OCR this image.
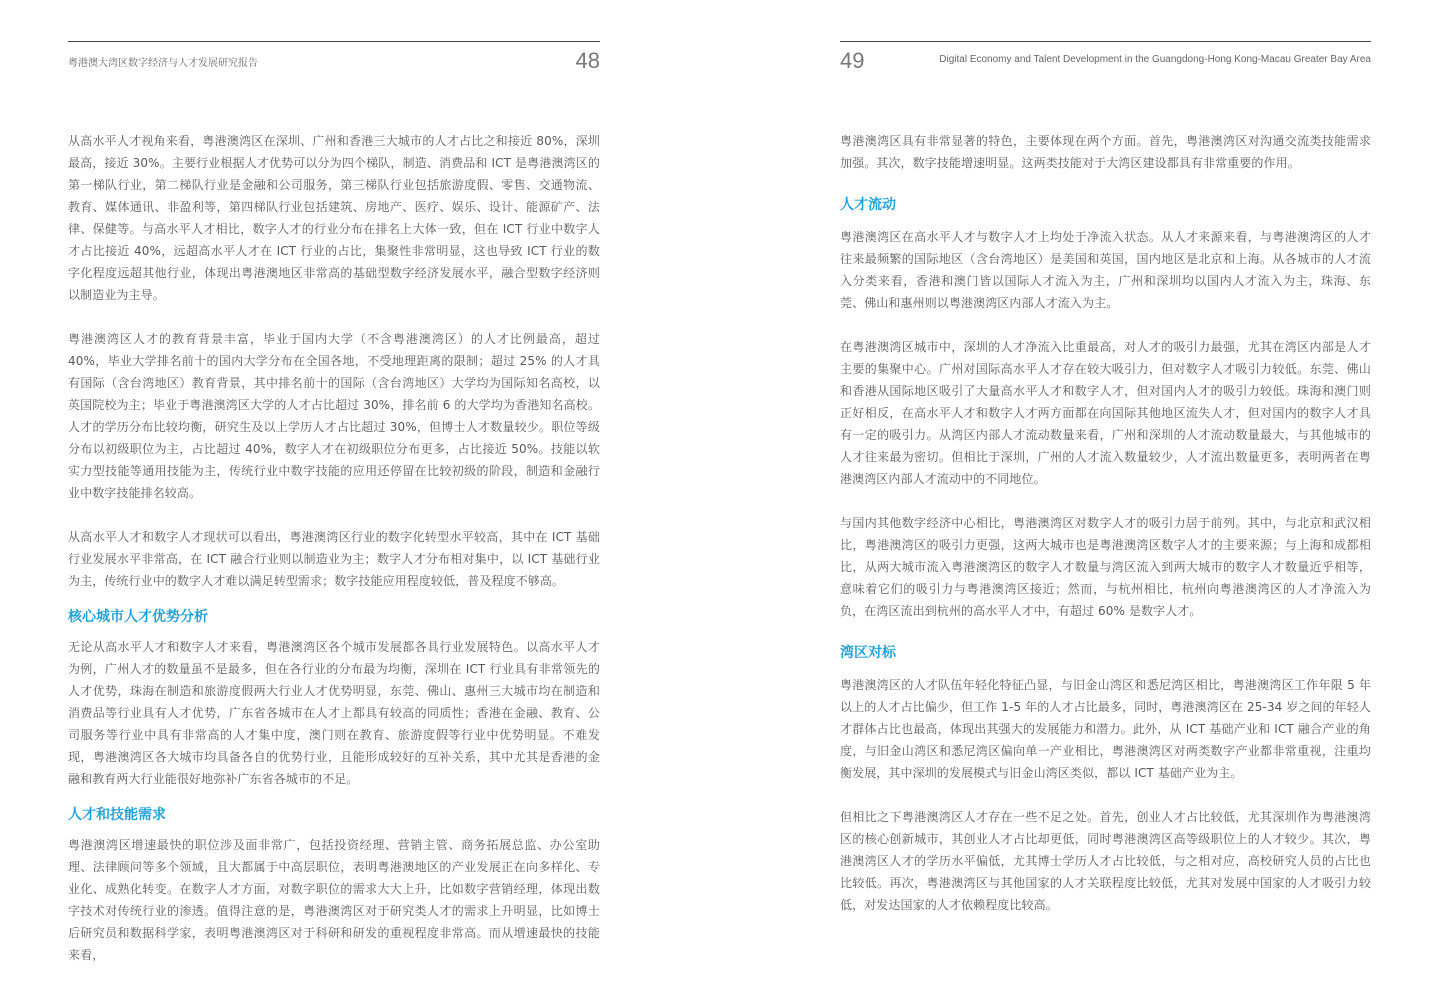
粤港澳大湾区数字经济与人才发展研究报告	48

从高水平人才视角来看，粤港澳湾区在深圳、广州和香港三大城市的人才占比之和接近 80%，深圳最高，接近 30%。主要行业根据人才优势可以分为四个梯队，制造、消费品和 ICT 是粤港澳湾区的第一梯队行业，第二梯队行业是金融和公司服务，第三梯队行业包括旅游度假、零售、交通物流、教育、媒体通讯、非盈利等，第四梯队行业包括建筑、房地产、医疗、娱乐、设计、能源矿产、法律、保健等。与高水平人才相比，数字人才的行业分布在排名上大体一致，但在 ICT 行业中数字人才占比接近 40%，远超高水平人才在 ICT 行业的占比，集聚性非常明显，这也导致 ICT 行业的数字化程度远超其他行业，体现出粤港澳地区非常高的基础型数字经济发展水平，融合型数字经济则以制造业为主导。

粤港澳湾区人才的教育背景丰富，毕业于国内大学（不含粤港澳湾区）的人才比例最高，超过 40%，毕业大学排名前十的国内大学分布在全国各地，不受地理距离的限制；超过 25% 的人才具有国际（含台湾地区）教育背景，其中排名前十的国际（含台湾地区）大学均为国际知名高校，以英国院校为主；毕业于粤港澳湾区大学的人才占比超过 30%，排名前 6 的大学均为香港知名高校。人才的学历分布比较均衡，研究生及以上学历人才占比超过 30%，但博士人才数量较少。职位等级分布以初级职位为主，占比超过 40%，数字人才在初级职位分布更多，占比接近 50%。技能以软实力型技能等通用技能为主，传统行业中数字技能的应用还停留在比较初级的阶段，制造和金融行业中数字技能排名较高。

从高水平人才和数字人才现状可以看出，粤港澳湾区行业的数字化转型水平较高，其中在 ICT 基础行业发展水平非常高，在 ICT 融合行业则以制造业为主；数字人才分布相对集中，以 ICT 基础行业为主，传统行业中的数字人才难以满足转型需求；数字技能应用程度较低，普及程度不够高。

核心城市人才优势分析

无论从高水平人才和数字人才来看，粤港澳湾区各个城市发展都各具行业发展特色。以高水平人才为例，广州人才的数量虽不是最多，但在各行业的分布最为均衡，深圳在 ICT 行业具有非常领先的人才优势，珠海在制造和旅游度假两大行业人才优势明显，东莞、佛山、惠州三大城市均在制造和消费品等行业具有人才优势，广东省各城市在人才上都具有较高的同质性；香港在金融、教育、公司服务等行业中具有非常高的人才集中度，澳门则在教育、旅游度假等行业中优势明显。不难发现，粤港澳湾区各大城市均具备各自的优势行业，且能形成较好的互补关系，其中尤其是香港的金融和教育两大行业能很好地弥补广东省各城市的不足。

人才和技能需求

粤港澳湾区增速最快的职位涉及面非常广，包括投资经理、营销主管、商务拓展总监、办公室助理、法律顾问等多个领域，且大都属于中高层职位，表明粤港澳地区的产业发展正在向多样化、专业化、成熟化转变。在数字人才方面，对数字职位的需求大大上升，比如数字营销经理，体现出数字技术对传统行业的渗透。值得注意的是，粤港澳湾区对于研究类人才的需求上升明显，比如博士后研究员和数据科学家，表明粤港澳湾区对于科研和研发的重视程度非常高。而从增速最快的技能来看，

49	Digital Economy and Talent Development in the Guangdong-Hong Kong-Macau Greater Bay Area

粤港澳湾区具有非常显著的特色，主要体现在两个方面。首先，粤港澳湾区对沟通交流类技能需求加强。其次，数字技能增速明显。这两类技能对于大湾区建设都具有非常重要的作用。

人才流动

粤港澳湾区在高水平人才与数字人才上均处于净流入状态。从人才来源来看，与粤港澳湾区的人才往来最频繁的国际地区（含台湾地区）是美国和英国，国内地区是北京和上海。从各城市的人才流入分类来看，香港和澳门皆以国际人才流入为主，广州和深圳均以国内人才流入为主，珠海、东莞、佛山和惠州则以粤港澳湾区内部人才流入为主。

在粤港澳湾区城市中，深圳的人才净流入比重最高，对人才的吸引力最强，尤其在湾区内部是人才主要的集聚中心。广州对国际高水平人才存在较大吸引力，但对数字人才吸引力较低。东莞、佛山和香港从国际地区吸引了大量高水平人才和数字人才，但对国内人才的吸引力较低。珠海和澳门则正好相反，在高水平人才和数字人才两方面都在向国际其他地区流失人才，但对国内的数字人才具有一定的吸引力。从湾区内部人才流动数量来看，广州和深圳的人才流动数量最大，与其他城市的人才往来最为密切。但相比于深圳，广州的人才流入数量较少，人才流出数量更多，表明两者在粤港澳湾区内部人才流动中的不同地位。

与国内其他数字经济中心相比，粤港澳湾区对数字人才的吸引力居于前列。其中，与北京和武汉相比，粤港澳湾区的吸引力更强，这两大城市也是粤港澳湾区数字人才的主要来源；与上海和成都相比，从两大城市流入粤港澳湾区的数字人才数量与湾区流入到两大城市的数字人才数量近乎相等，意味着它们的吸引力与粤港澳湾区接近；然而，与杭州相比，杭州向粤港澳湾区的人才净流入为负，在湾区流出到杭州的高水平人才中，有超过 60% 是数字人才。

湾区对标

粤港澳湾区的人才队伍年轻化特征凸显，与旧金山湾区和悉尼湾区相比，粤港澳湾区工作年限 5 年以上的人才占比偏少，但工作 1-5 年的人才占比最多，同时，粤港澳湾区在 25-34 岁之间的年轻人才群体占比也最高，体现出其强大的发展能力和潜力。此外，从 ICT 基础产业和 ICT 融合产业的角度，与旧金山湾区和悉尼湾区偏向单一产业相比，粤港澳湾区对两类数字产业都非常重视，注重均衡发展，其中深圳的发展模式与旧金山湾区类似，都以 ICT 基础产业为主。

但相比之下粤港澳湾区人才存在一些不足之处。首先，创业人才占比较低，尤其深圳作为粤港澳湾区的核心创新城市，其创业人才占比却更低，同时粤港澳湾区高等级职位上的人才较少。其次，粤港澳湾区人才的学历水平偏低，尤其博士学历人才占比较低，与之相对应，高校研究人员的占比也比较低。再次，粤港澳湾区与其他国家的人才关联程度比较低，尤其对发展中国家的人才吸引力较低，对发达国家的人才依赖程度比较高。
